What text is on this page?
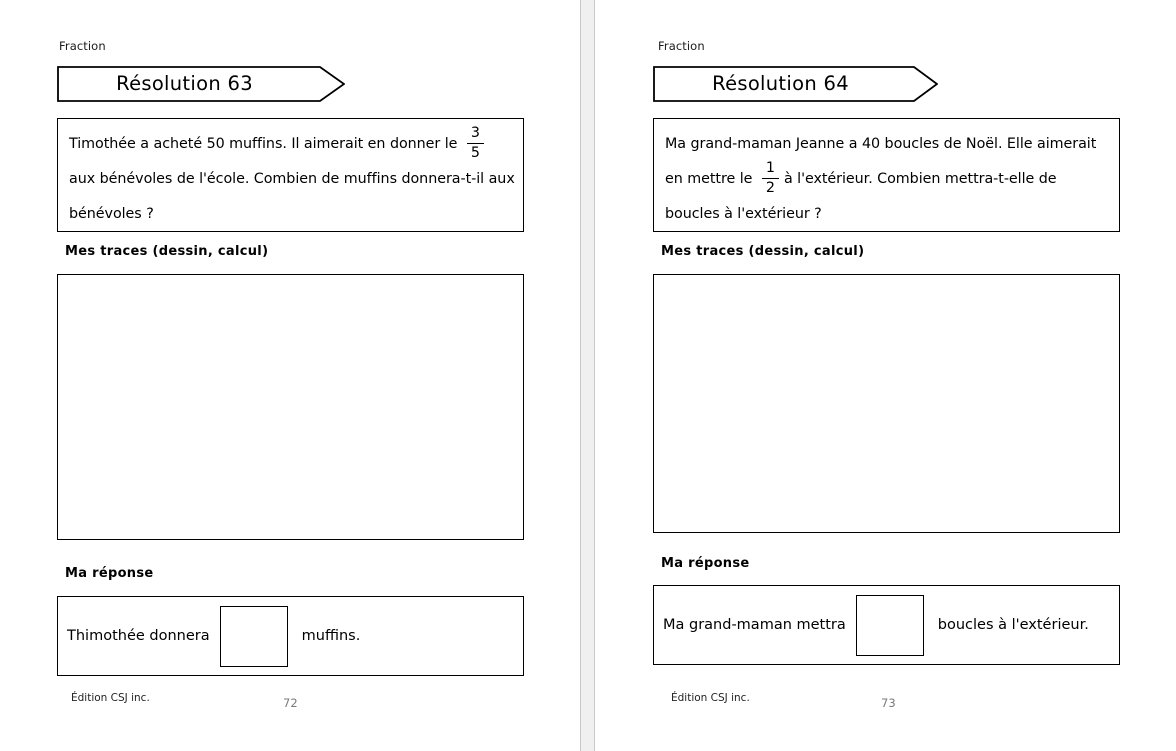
Fraction
Résolution 63
Timothée a acheté 50 muffins. Il aimerait en donner le $\frac{3}{5}$
aux bénévoles de l'école. Combien de muffins donnera-t-il aux bénévoles ?
Mes traces (dessin, calcul)
Ma réponse
Thimothée donnera	muffins.
Édition CSJ inc.	72
Fraction
Résolution 64
Ma grand-maman Jeanne a 40 boucles de Noël. Elle aimerait en mettre le $\frac{1}{2}$ à l'extérieur. Combien mettra-t-elle de boucles à l'extérieur ?
Mes traces (dessin, calcul)
Ma réponse
Ma grand-maman mettra	boucles à l'extérieur.
Édition CSJ inc.	73
